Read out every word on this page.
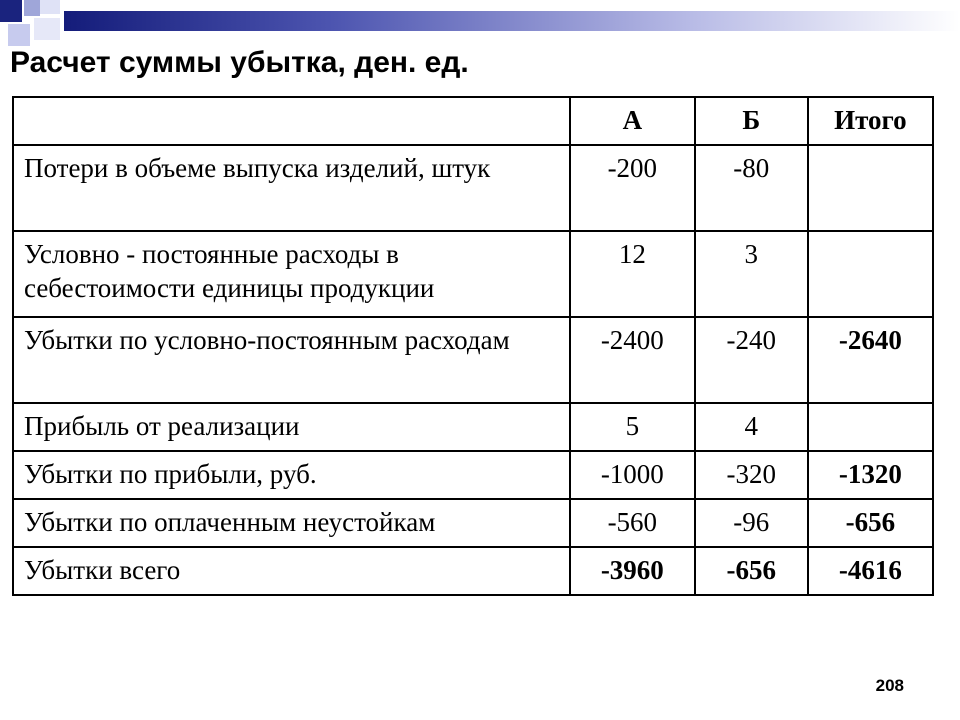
Расчет суммы убытка, ден. ед.
	А	Б	Итого
Потери в объеме выпуска изделий, штук	-200	-80	
Условно - постоянные расходы в себестоимости единицы продукции	12	3	
Убытки по условно-постоянным расходам	-2400	-240	-2640
Прибыль от реализации	5	4	
Убытки по прибыли, руб.	-1000	-320	-1320
Убытки по оплаченным неустойкам	-560	-96	-656
Убытки всего	-3960	-656	-4616
208
